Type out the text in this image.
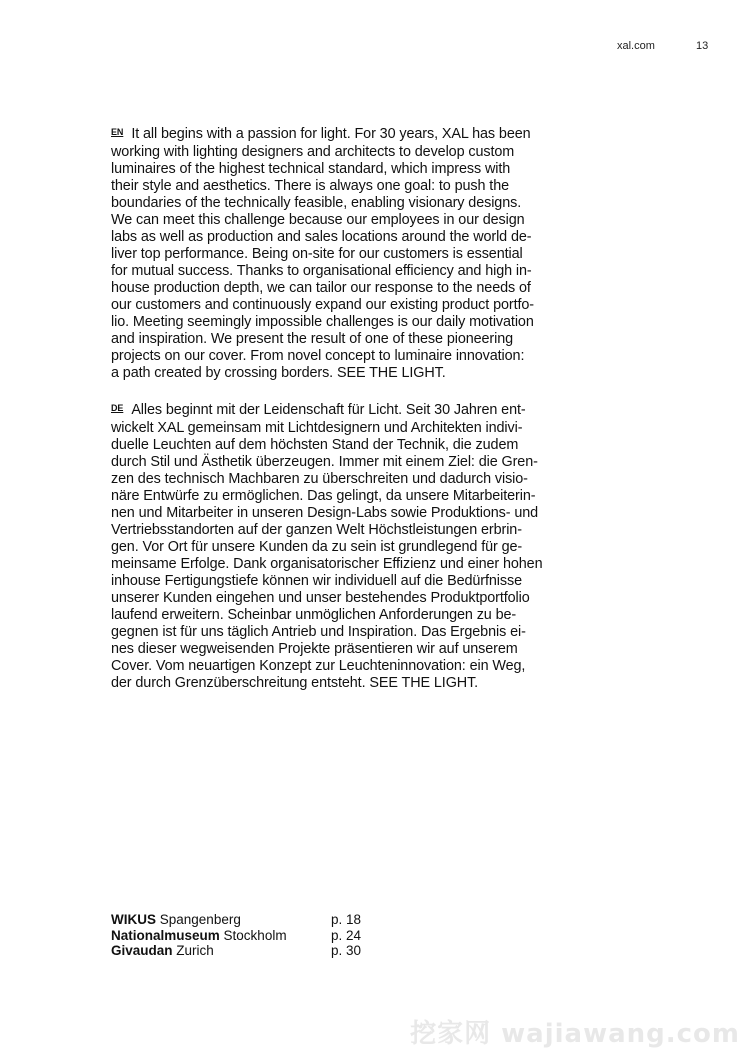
xal.com	13
$^{EN}$ It all begins with a passion for light. For 30 years, XAL has been
working with lighting designers and architects to develop custom
luminaires of the highest technical standard, which impress with
their style and aesthetics. There is always one goal: to push the
boundaries of the technically feasible, enabling visionary designs.
We can meet this challenge because our employees in our design
labs as well as production and sales locations around the world de-
liver top performance. Being on-site for our customers is essential
for mutual success. Thanks to organisational efficiency and high in-
house production depth, we can tailor our response to the needs of
our customers and continuously expand our existing product portfo-
lio. Meeting seemingly impossible challenges is our daily motivation
and inspiration. We present the result of one of these pioneering
projects on our cover. From novel concept to luminaire innovation:
a path created by crossing borders. SEE THE LIGHT.
$^{DE}$ Alles beginnt mit der Leidenschaft für Licht. Seit 30 Jahren ent-
wickelt XAL gemeinsam mit Lichtdesignern und Architekten indivi-
duelle Leuchten auf dem höchsten Stand der Technik, die zudem
durch Stil und Ästhetik überzeugen. Immer mit einem Ziel: die Gren-
zen des technisch Machbaren zu überschreiten und dadurch visio-
näre Entwürfe zu ermöglichen. Das gelingt, da unsere Mitarbeiterin-
nen und Mitarbeiter in unseren Design-Labs sowie Produktions- und
Vertriebsstandorten auf der ganzen Welt Höchstleistungen erbrin-
gen. Vor Ort für unsere Kunden da zu sein ist grundlegend für ge-
meinsame Erfolge. Dank organisatorischer Effizienz und einer hohen
inhouse Fertigungstiefe können wir individuell auf die Bedürfnisse
unserer Kunden eingehen und unser bestehendes Produktportfolio
laufend erweitern. Scheinbar unmöglichen Anforderungen zu be-
gegnen ist für uns täglich Antrieb und Inspiration. Das Ergebnis ei-
nes dieser wegweisenden Projekte präsentieren wir auf unserem
Cover. Vom neuartigen Konzept zur Leuchteninnovation: ein Weg,
der durch Grenzüberschreitung entsteht. SEE THE LIGHT.
WIKUS Spangenberg	p. 18
Nationalmuseum Stockholm	p. 24
Givaudan Zurich	p. 30
挖家网 wajiawang.com
